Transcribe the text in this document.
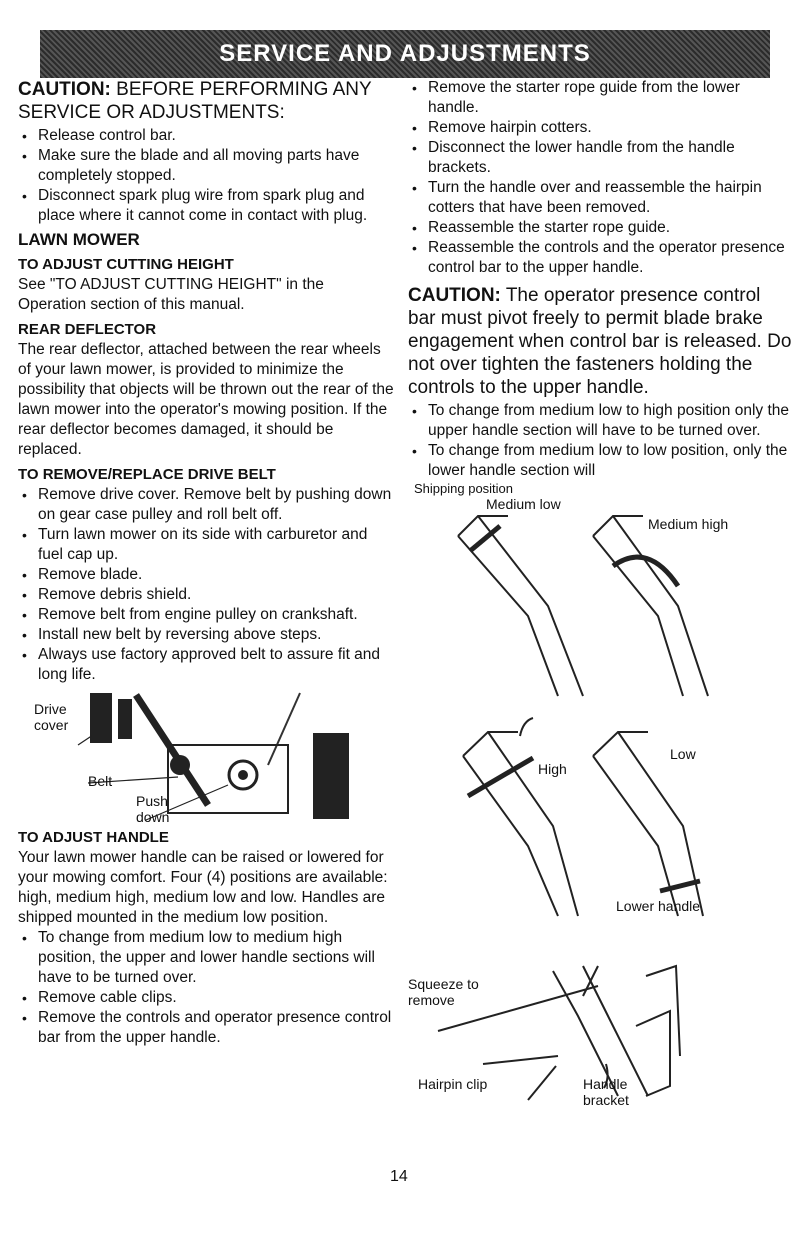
SERVICE AND ADJUSTMENTS
CAUTION: BEFORE PERFORMING ANY SERVICE OR ADJUSTMENTS:
• Release control bar.
• Make sure the blade and all moving parts have completely stopped.
• Disconnect spark plug wire from spark plug and place where it cannot come in contact with plug.
LAWN MOWER
TO ADJUST CUTTING HEIGHT

See "TO ADJUST CUTTING HEIGHT" in the Operation section of this manual.

REAR DEFLECTOR

The rear deflector, attached between the rear wheels of your lawn mower, is provided to minimize the possibility that objects will be thrown out the rear of the lawn mower into the operator's mowing position. If the rear deflector becomes damaged, it should be replaced.

TO REMOVE/REPLACE DRIVE BELT
• Remove drive cover. Remove belt by pushing down on gear case pulley and roll belt off.
• Turn lawn mower on its side with carburetor and fuel cap up.
• Remove blade.
• Remove debris shield.
• Remove belt from engine pulley on crankshaft.
• Install new belt by reversing above steps.
• Always use factory approved belt to assure fit and long life.
Drive
cover
Belt
Push
down
TO ADJUST HANDLE

Your lawn mower handle can be raised or lowered for your mowing comfort. Four (4) positions are available: high, medium high, medium low and low. Handles are shipped mounted in the medium low position.

• To change from medium low to medium high position, the upper and lower handle sections will have to be turned over.
• Remove cable clips.
• Remove the controls and operator presence control bar from the upper handle.
• Remove the starter rope guide from the lower handle.
• Remove hairpin cotters.
• Disconnect the lower handle from the handle brackets.
• Turn the handle over and reassemble the hairpin cotters that have been removed.
• Reassemble the starter rope guide.
• Reassemble the controls and the operator presence control bar to the upper handle.
CAUTION: The operator presence control bar must pivot freely to permit blade brake engagement when control bar is released. Do not over tighten the fasteners holding the controls to the upper handle.
• To change from medium low to high position only the upper handle section will have to be turned over.
• To change from medium low to low position, only the lower handle section will
Shipping position
Medium low
Medium high
High
Low
Lower handle
Squeeze to
remove
Hairpin clip	Handle
bracket
14
